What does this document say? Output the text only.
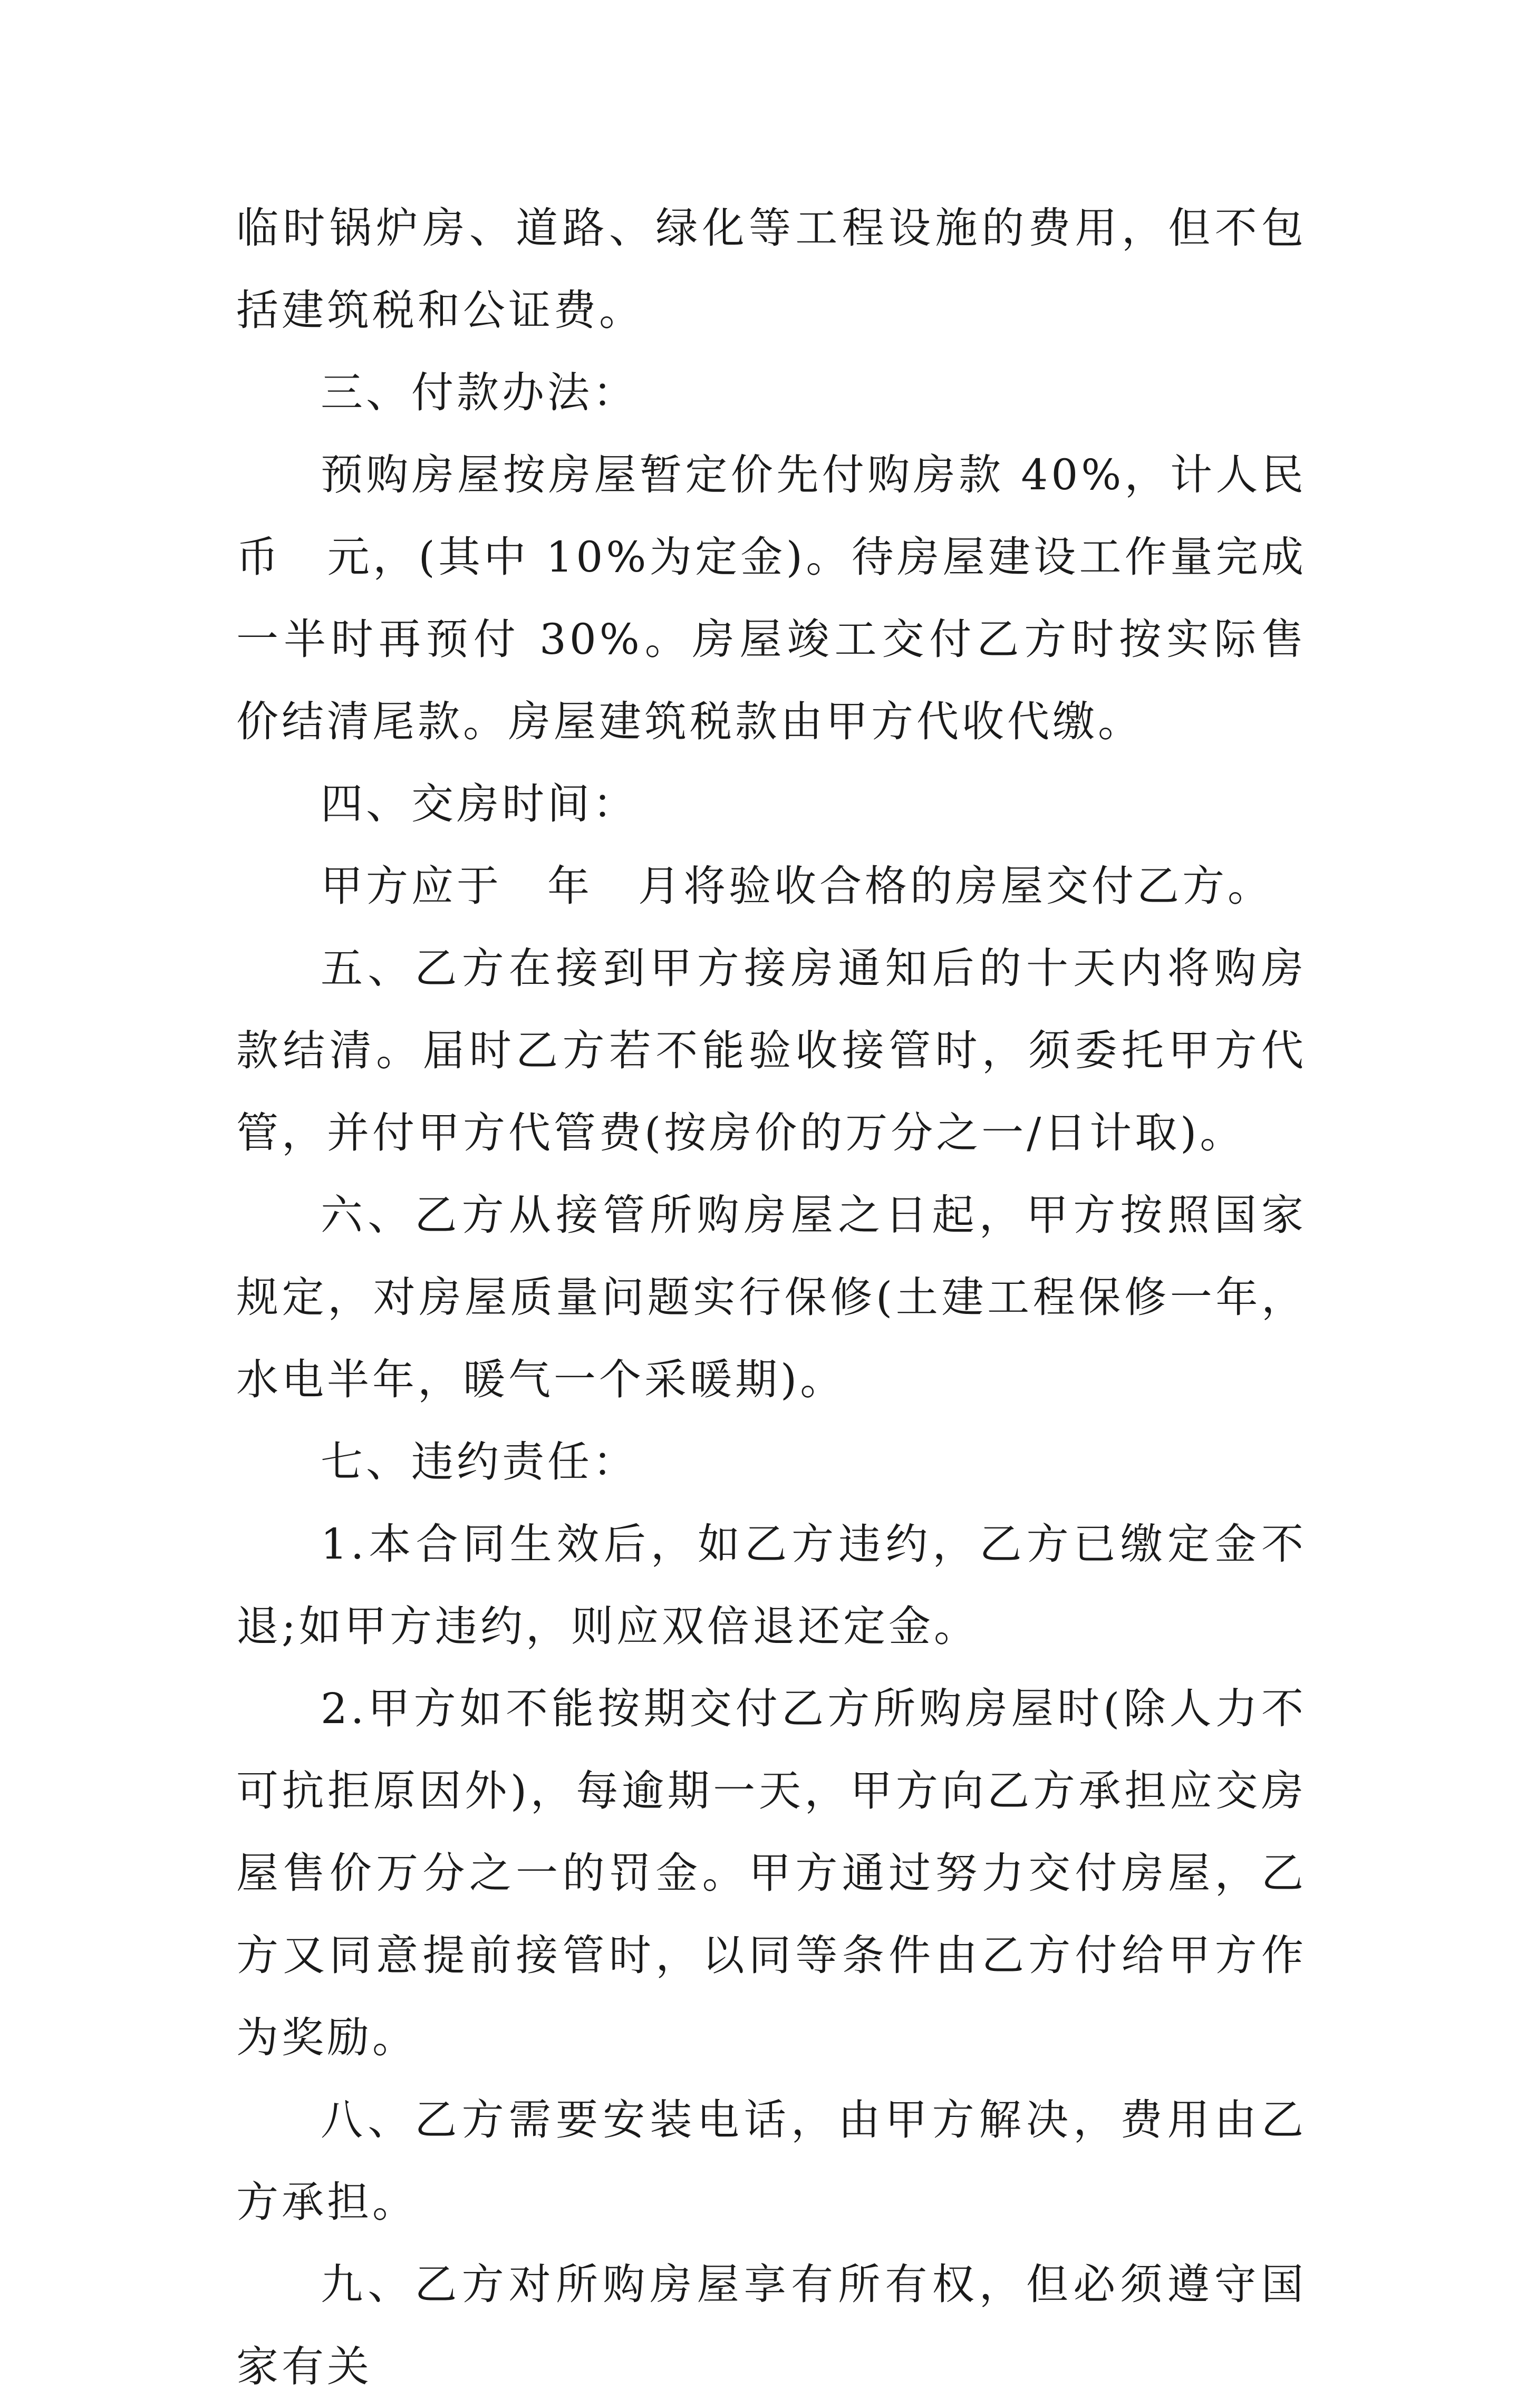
临时锅炉房、道路、绿化等工程设施的费用，但不包括建筑税和公证费。

三、付款办法：

预购房屋按房屋暂定价先付购房款 40%，计人民币　元，(其中 10%为定金)。待房屋建设工作量完成一半时再预付 30%。房屋竣工交付乙方时按实际售价结清尾款。房屋建筑税款由甲方代收代缴。

四、交房时间：

甲方应于　年　月将验收合格的房屋交付乙方。

五、乙方在接到甲方接房通知后的十天内将购房款结清。届时乙方若不能验收接管时，须委托甲方代管，并付甲方代管费(按房价的万分之一/日计取)。

六、乙方从接管所购房屋之日起，甲方按照国家规定，对房屋质量问题实行保修(土建工程保修一年，水电半年，暖气一个采暖期)。

七、违约责任：

1.本合同生效后，如乙方违约，乙方已缴定金不退;如甲方违约，则应双倍退还定金。

2.甲方如不能按期交付乙方所购房屋时(除人力不可抗拒原因外)，每逾期一天，甲方向乙方承担应交房屋售价万分之一的罚金。甲方通过努力交付房屋，乙方又同意提前接管时，以同等条件由乙方付给甲方作为奖励。

八、乙方需要安装电话，由甲方解决，费用由乙方承担。

九、乙方对所购房屋享有所有权，但必须遵守国家有关
